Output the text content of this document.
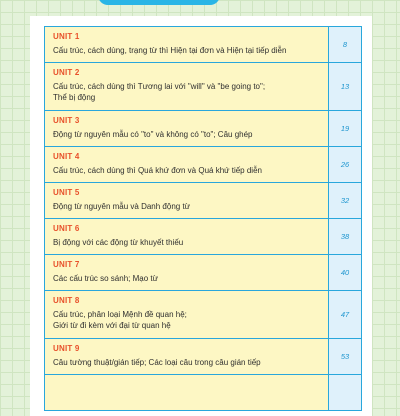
UNIT 1
Cấu trúc, cách dùng, trạng từ thì Hiện tại đơn và Hiện tại tiếp diễn
8
UNIT 2
Cấu trúc, cách dùng thì Tương lai với "will" và "be going to";
Thể bị động
13
UNIT 3
Động từ nguyên mẫu có "to" và không có "to"; Câu ghép
19
UNIT 4
Cấu trúc, cách dùng thì Quá khứ đơn và Quá khứ tiếp diễn
26
UNIT 5
Động từ nguyên mẫu và Danh động từ
32
UNIT 6
Bị động với các động từ khuyết thiếu
38
UNIT 7
Các cấu trúc so sánh; Mạo từ
40
UNIT 8
Cấu trúc, phân loại Mệnh đề quan hệ;
Giới từ đi kèm với đại từ quan hệ
47
UNIT 9
Câu tường thuật/gián tiếp; Các loại câu trong câu gián tiếp
53
